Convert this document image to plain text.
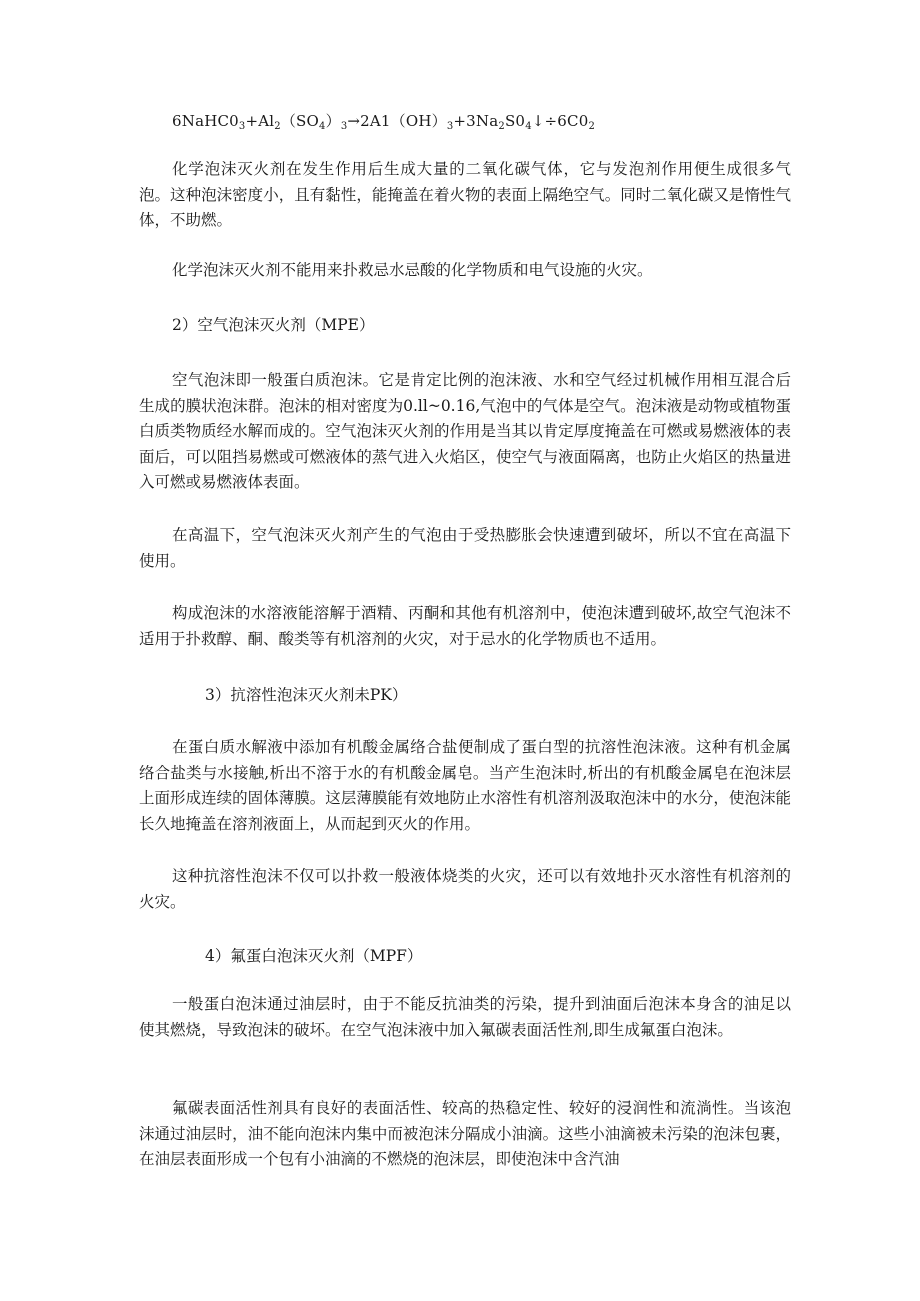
$6NaHC0_3+Al_2(SO_4)_3\to 2A1(OH)_3+3Na_2S0_4↓\div 6C0_2$

化学泡沫灭火剂在发生作用后生成大量的二氧化碳气体，它与发泡剂作用便生成很多气泡。这种泡沫密度小，且有黏性，能掩盖在着火物的表面上隔绝空气。同时二氧化碳又是惰性气体，不助燃。

化学泡沫灭火剂不能用来扑救忌水忌酸的化学物质和电气设施的火灾。

2）空气泡沫灭火剂（MPE）

空气泡沫即一般蛋白质泡沫。它是肯定比例的泡沫液、水和空气经过机械作用相互混合后生成的膜状泡沫群。泡沫的相对密度为0.ll~0.16,气泡中的气体是空气。泡沫液是动物或植物蛋白质类物质经水解而成的。空气泡沫灭火剂的作用是当其以肯定厚度掩盖在可燃或易燃液体的表面后，可以阻挡易燃或可燃液体的蒸气进入火焰区，使空气与液面隔离，也防止火焰区的热量进入可燃或易燃液体表面。

在高温下，空气泡沫灭火剂产生的气泡由于受热膨胀会快速遭到破坏，所以不宜在高温下使用。

构成泡沫的水溶液能溶解于酒精、丙酮和其他有机溶剂中，使泡沫遭到破坏,故空气泡沫不适用于扑救醇、酮、酸类等有机溶剂的火灾，对于忌水的化学物质也不适用。

3）抗溶性泡沫灭火剂未PK）

在蛋白质水解液中添加有机酸金属络合盐便制成了蛋白型的抗溶性泡沫液。这种有机金属络合盐类与水接触,析出不溶于水的有机酸金属皂。当产生泡沫时,析出的有机酸金属皂在泡沫层上面形成连续的固体薄膜。这层薄膜能有效地防止水溶性有机溶剂汲取泡沫中的水分，使泡沫能长久地掩盖在溶剂液面上，从而起到灭火的作用。

这种抗溶性泡沫不仅可以扑救一般液体烧类的火灾，还可以有效地扑灭水溶性有机溶剂的火灾。

4）氟蛋白泡沫灭火剂（MPF）

一般蛋白泡沫通过油层时，由于不能反抗油类的污染，提升到油面后泡沫本身含的油足以使其燃烧，导致泡沫的破坏。在空气泡沫液中加入氟碳表面活性剂,即生成氟蛋白泡沫。

氟碳表面活性剂具有良好的表面活性、较高的热稳定性、较好的浸润性和流淌性。当该泡沫通过油层时，油不能向泡沫内集中而被泡沫分隔成小油滴。这些小油滴被未污染的泡沫包裹，在油层表面形成一个包有小油滴的不燃烧的泡沫层，即使泡沫中含汽油
